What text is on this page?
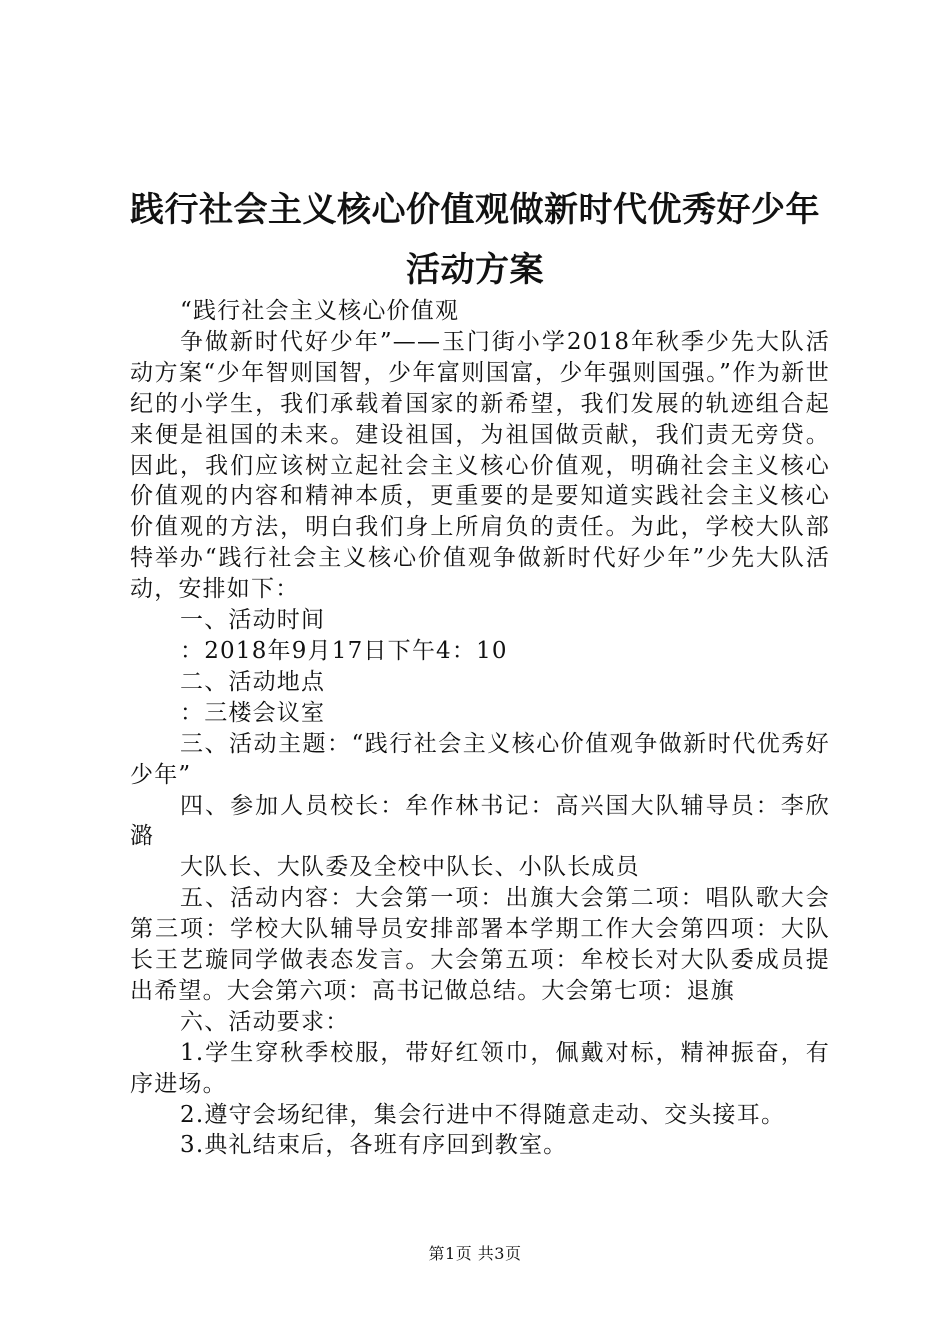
践行社会主义核心价值观做新时代优秀好少年
活动方案

“践行社会主义核心价值观

争做新时代好少年”——玉门街小学2018年秋季少先大队活动方案“少年智则国智，少年富则国富，少年强则国强。”作为新世纪的小学生，我们承载着国家的新希望，我们发展的轨迹组合起来便是祖国的未来。建设祖国，为祖国做贡献，我们责无旁贷。因此，我们应该树立起社会主义核心价值观，明确社会主义核心价值观的内容和精神本质，更重要的是要知道实践社会主义核心价值观的方法，明白我们身上所肩负的责任。为此，学校大队部特举办“践行社会主义核心价值观争做新时代好少年”少先大队活动，安排如下：

一、活动时间

：2018年9月17日下午4：10

二、活动地点

：三楼会议室

三、活动主题：“践行社会主义核心价值观争做新时代优秀好少年”

四、参加人员校长：牟作林书记：高兴国大队辅导员：李欣潞

大队长、大队委及全校中队长、小队长成员

五、活动内容：大会第一项：出旗大会第二项：唱队歌大会第三项：学校大队辅导员安排部署本学期工作大会第四项：大队长王艺璇同学做表态发言。大会第五项：牟校长对大队委成员提出希望。大会第六项：高书记做总结。大会第七项：退旗

六、活动要求：

1.学生穿秋季校服，带好红领巾，佩戴对标，精神振奋，有序进场。

2.遵守会场纪律，集会行进中不得随意走动、交头接耳。

3.典礼结束后，各班有序回到教室。

第1页 共3页
